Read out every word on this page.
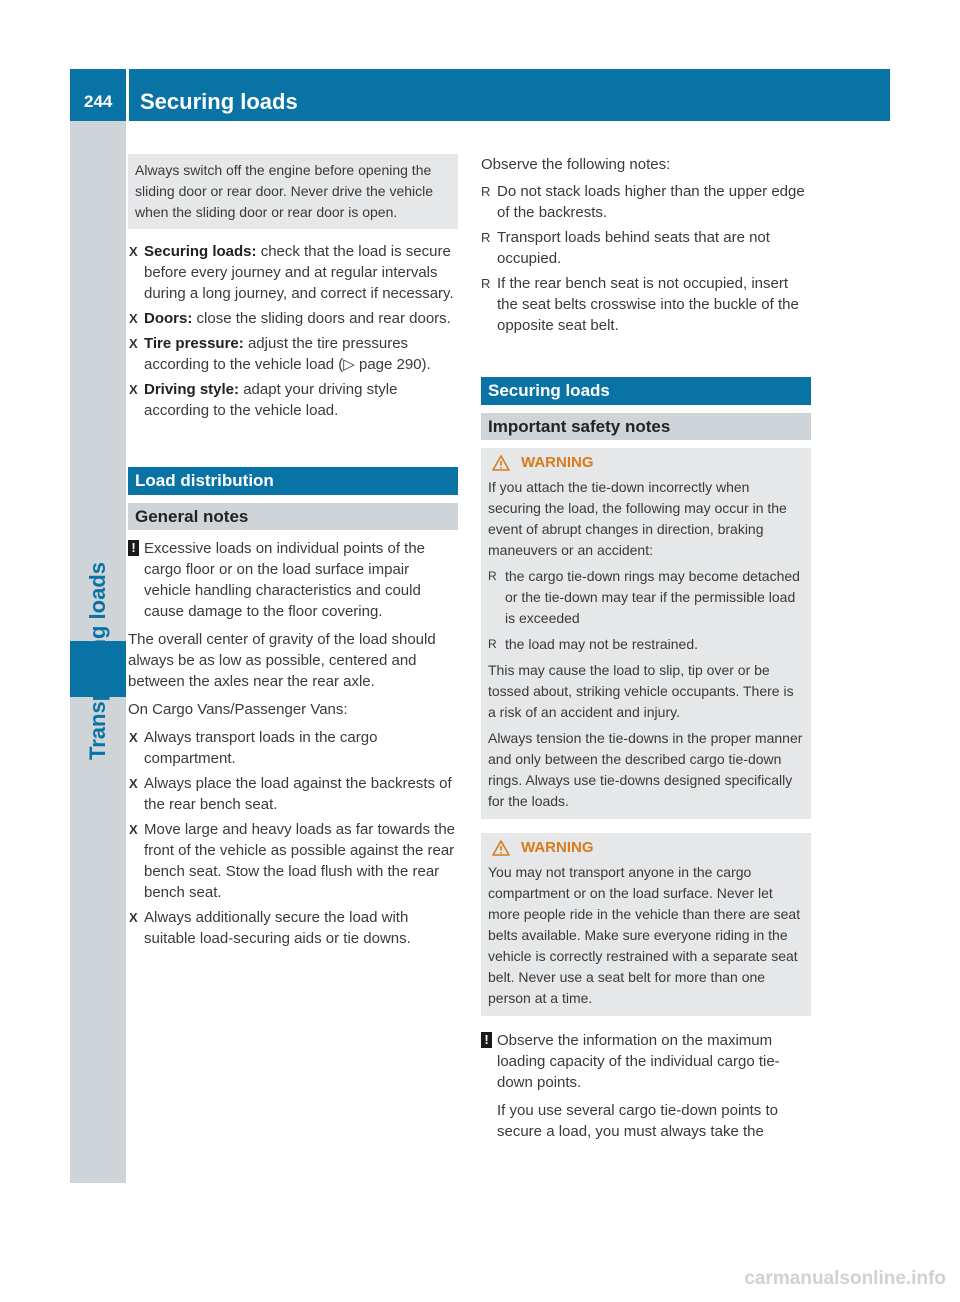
244 Securing loads
Always switch off the engine before opening the sliding door or rear door. Never drive the vehicle when the sliding door or rear door is open.
X Securing loads: check that the load is secure before every journey and at regular intervals during a long journey, and correct if necessary.
X Doors: close the sliding doors and rear doors.
X Tire pressure: adjust the tire pressures according to the vehicle load (▷ page 290).
X Driving style: adapt your driving style according to the vehicle load.
Load distribution
General notes
! Excessive loads on individual points of the cargo floor or on the load surface impair vehicle handling characteristics and could cause damage to the floor covering.
The overall center of gravity of the load should always be as low as possible, centered and between the axles near the rear axle.
On Cargo Vans/Passenger Vans:
X Always transport loads in the cargo compartment.
X Always place the load against the backrests of the rear bench seat.
X Move large and heavy loads as far towards the front of the vehicle as possible against the rear bench seat. Stow the load flush with the rear bench seat.
X Always additionally secure the load with suitable load-securing aids or tie downs.
Observe the following notes:
R Do not stack loads higher than the upper edge of the backrests.
R Transport loads behind seats that are not occupied.
R If the rear bench seat is not occupied, insert the seat belts crosswise into the buckle of the opposite seat belt.
Securing loads
Important safety notes
WARNING
If you attach the tie-down incorrectly when securing the load, the following may occur in the event of abrupt changes in direction, braking maneuvers or an accident:
R the cargo tie-down rings may become detached or the tie-down may tear if the permissible load is exceeded
R the load may not be restrained.
This may cause the load to slip, tip over or be tossed about, striking vehicle occupants. There is a risk of an accident and injury.
Always tension the tie-downs in the proper manner and only between the described cargo tie-down rings. Always use tie-downs designed specifically for the loads.
WARNING
You may not transport anyone in the cargo compartment or on the load surface. Never let more people ride in the vehicle than there are seat belts available. Make sure everyone riding in the vehicle is correctly restrained with a separate seat belt. Never use a seat belt for more than one person at a time.
! Observe the information on the maximum loading capacity of the individual cargo tie-down points.
If you use several cargo tie-down points to secure a load, you must always take the
carmanualsonline.info
